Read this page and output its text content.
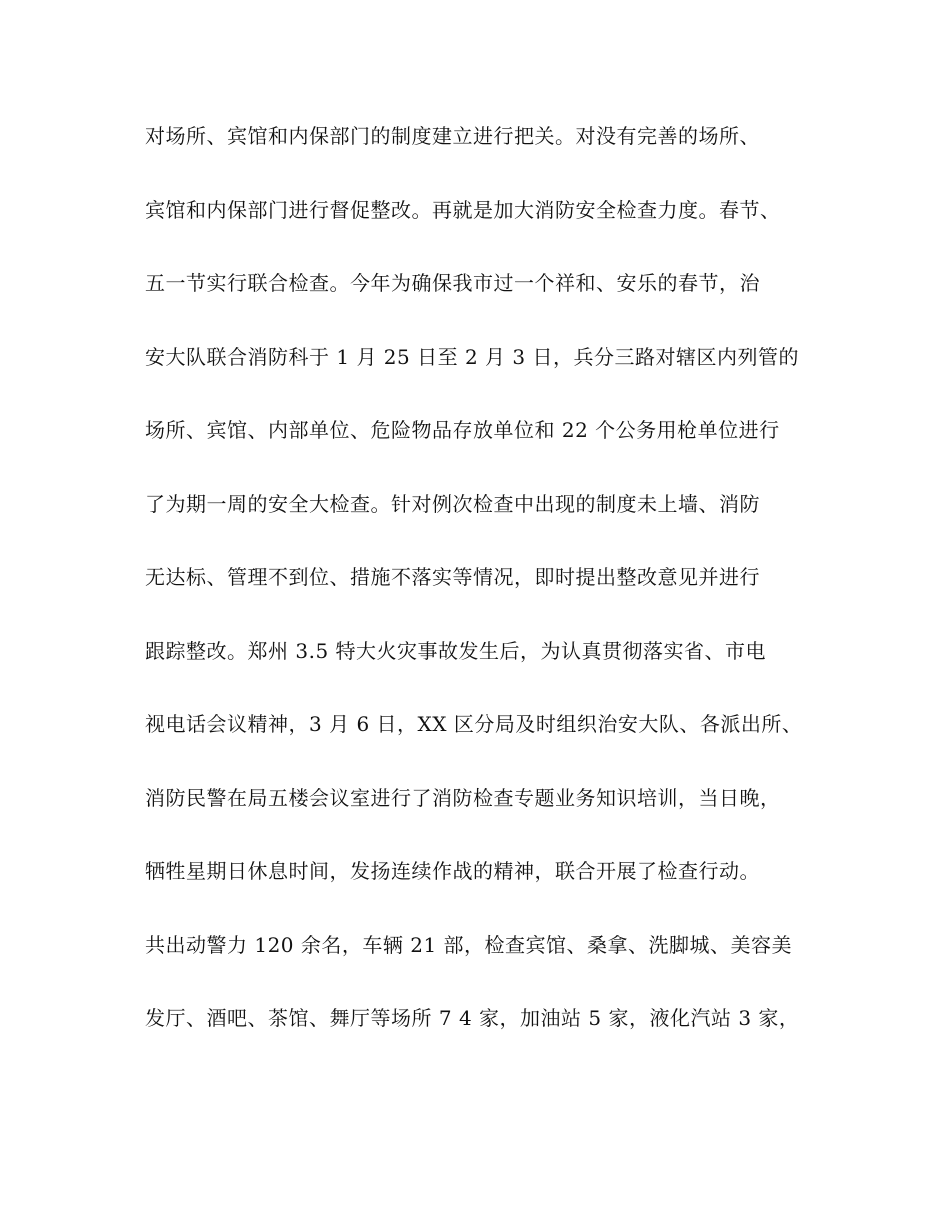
对场所、宾馆和内保部门的制度建立进行把关。对没有完善的场所、
宾馆和内保部门进行督促整改。再就是加大消防安全检查力度。春节、
五一节实行联合检查。今年为确保我市过一个祥和、安乐的春节，治
安大队联合消防科于 1 月 25 日至 2 月 3 日，兵分三路对辖区内列管的
场所、宾馆、内部单位、危险物品存放单位和 22 个公务用枪单位进行
了为期一周的安全大检查。针对例次检查中出现的制度未上墙、消防
无达标、管理不到位、措施不落实等情况，即时提出整改意见并进行
跟踪整改。郑州 3.5 特大火灾事故发生后，为认真贯彻落实省、市电
视电话会议精神，3 月 6 日，XX 区分局及时组织治安大队、各派出所、
消防民警在局五楼会议室进行了消防检查专题业务知识培训，当日晚，
牺牲星期日休息时间，发扬连续作战的精神，联合开展了检查行动。
共出动警力 120 余名，车辆 21 部，检查宾馆、桑拿、洗脚城、美容美
发厅、酒吧、茶馆、舞厅等场所 7 4 家，加油站 5 家，液化汽站 3 家，
